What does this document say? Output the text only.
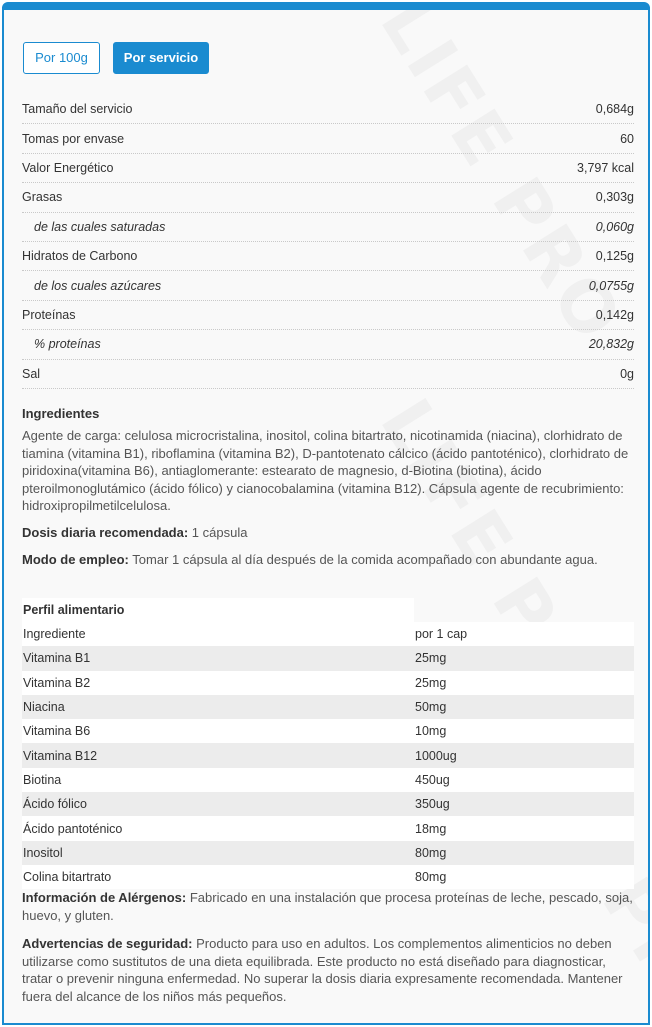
Por 100g	Por servicio
Tamaño del servicio	0,684g
Tomas por envase	60
Valor Energético	3,797 kcal
Grasas	0,303g
de las cuales saturadas	0,060g
Hidratos de Carbono	0,125g
de los cuales azúcares	0,0755g
Proteínas	0,142g
% proteínas	20,832g
Sal	0g
Ingredientes
Agente de carga: celulosa microcristalina, inositol, colina bitartrato, nicotinamida (niacina), clorhidrato de tiamina (vitamina B1), riboflamina (vitamina B2), D-pantotenato cálcico (ácido pantoténico), clorhidrato de piridoxina(vitamina B6), antiaglomerante: estearato de magnesio, d-Biotina (biotina), ácido pteroilmonoglutámico (ácido fólico) y cianocobalamina (vitamina B12). Cápsula agente de recubrimiento: hidroxipropilmetilcelulosa.
Dosis diaria recomendada: 1 cápsula
Modo de empleo: Tomar 1 cápsula al día después de la comida acompañado con abundante agua.
Perfil alimentario
Ingrediente	por 1 cap
Vitamina B1	25mg
Vitamina B2	25mg
Niacina	50mg
Vitamina B6	10mg
Vitamina B12	1000ug
Biotina	450ug
Ácido fólico	350ug
Ácido pantoténico	18mg
Inositol	80mg
Colina bitartrato	80mg
Información de Alérgenos: Fabricado en una instalación que procesa proteínas de leche, pescado, soja, huevo, y gluten.
Advertencias de seguridad: Producto para uso en adultos. Los complementos alimenticios no deben utilizarse como sustitutos de una dieta equilibrada. Este producto no está diseñado para diagnosticar, tratar o prevenir ninguna enfermedad. No superar la dosis diaria expresamente recomendada. Mantener fuera del alcance de los niños más pequeños.
